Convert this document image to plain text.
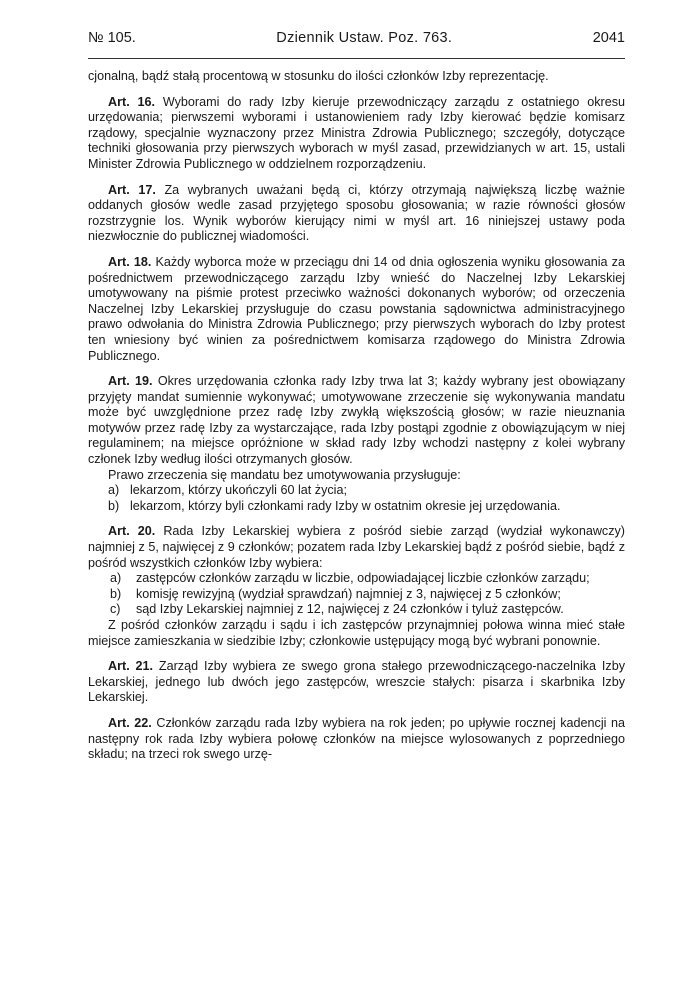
№ 105.	Dziennik Ustaw. Poz. 763.	2041

cjonalną, bądź stałą procentową w stosunku do ilości członków Izby reprezentację.

Art. 16. Wyborami do rady Izby kieruje przewodniczący zarządu z ostatniego okresu urzędowania; pierwszemi wyborami i ustanowieniem rady Izby kierować będzie komisarz rządowy, specjalnie wyznaczony przez Ministra Zdrowia Publicznego; szczegóły, dotyczące techniki głosowania przy pierwszych wyborach w myśl zasad, przewidzianych w art. 15, ustali Minister Zdrowia Publicznego w oddzielnem rozporządzeniu.

Art. 17. Za wybranych uważani będą ci, którzy otrzymają największą liczbę ważnie oddanych głosów wedle zasad przyjętego sposobu głosowania; w razie równości głosów rozstrzygnie los. Wynik wyborów kierujący nimi w myśl art. 16 niniejszej ustawy poda niezwłocznie do publicznej wiadomości.

Art. 18. Każdy wyborca może w przeciągu dni 14 od dnia ogłoszenia wyniku głosowania za pośrednictwem przewodniczącego zarządu Izby wnieść do Naczelnej Izby Lekarskiej umotywowany na piśmie protest przeciwko ważności dokonanych wyborów; od orzeczenia Naczelnej Izby Lekarskiej przysługuje do czasu powstania sądownictwa administracyjnego prawo odwołania do Ministra Zdrowia Publicznego; przy pierwszych wyborach do Izby protest ten wniesiony być winien za pośrednictwem komisarza rządowego do Ministra Zdrowia Publicznego.

Art. 19. Okres urzędowania członka rady Izby trwa lat 3; każdy wybrany jest obowiązany przyjęty mandat sumiennie wykonywać; umotywowane zrzeczenie się wykonywania mandatu może być uwzględnione przez radę Izby zwykłą większością głosów; w razie nieuznania motywów przez radę Izby za wystarczające, rada Izby postąpi zgodnie z obowiązującym w niej regulaminem; na miejsce opróżnione w skład rady Izby wchodzi następny z kolei wybrany członek Izby według ilości otrzymanych głosów.

Prawo zrzeczenia się mandatu bez umotywowania przysługuje:

a) lekarzom, którzy ukończyli 60 lat życia;
b) lekarzom, którzy byli członkami rady Izby w ostatnim okresie jej urzędowania.

Art. 20. Rada Izby Lekarskiej wybiera z pośród siebie zarząd (wydział wykonawczy) najmniej z 5, najwięcej z 9 członków; pozatem rada Izby Lekarskiej bądź z pośród siebie, bądź z pośród wszystkich członków Izby wybiera:

a)	zastępców członków zarządu w liczbie, odpowiadającej liczbie członków zarządu;
b)	komisję rewizyjną (wydział sprawdzań) najmniej z 3, najwięcej z 5 członków;
c)	sąd Izby Lekarskiej najmniej z 12, najwięcej z 24 członków i tyluż zastępców.

Z pośród członków zarządu i sądu i ich zastępców przynajmniej połowa winna mieć stałe miejsce zamieszkania w siedzibie Izby; członkowie ustępujący mogą być wybrani ponownie.

Art. 21. Zarząd Izby wybiera ze swego grona stałego przewodniczącego-naczelnika Izby Lekarskiej, jednego lub dwóch jego zastępców, wreszcie stałych: pisarza i skarbnika Izby Lekarskiej.

Art. 22. Członków zarządu rada Izby wybiera na rok jeden; po upływie rocznej kadencji na następny rok rada Izby wybiera połowę członków na miejsce wylosowanych z poprzedniego składu; na trzeci rok swego urzę-
